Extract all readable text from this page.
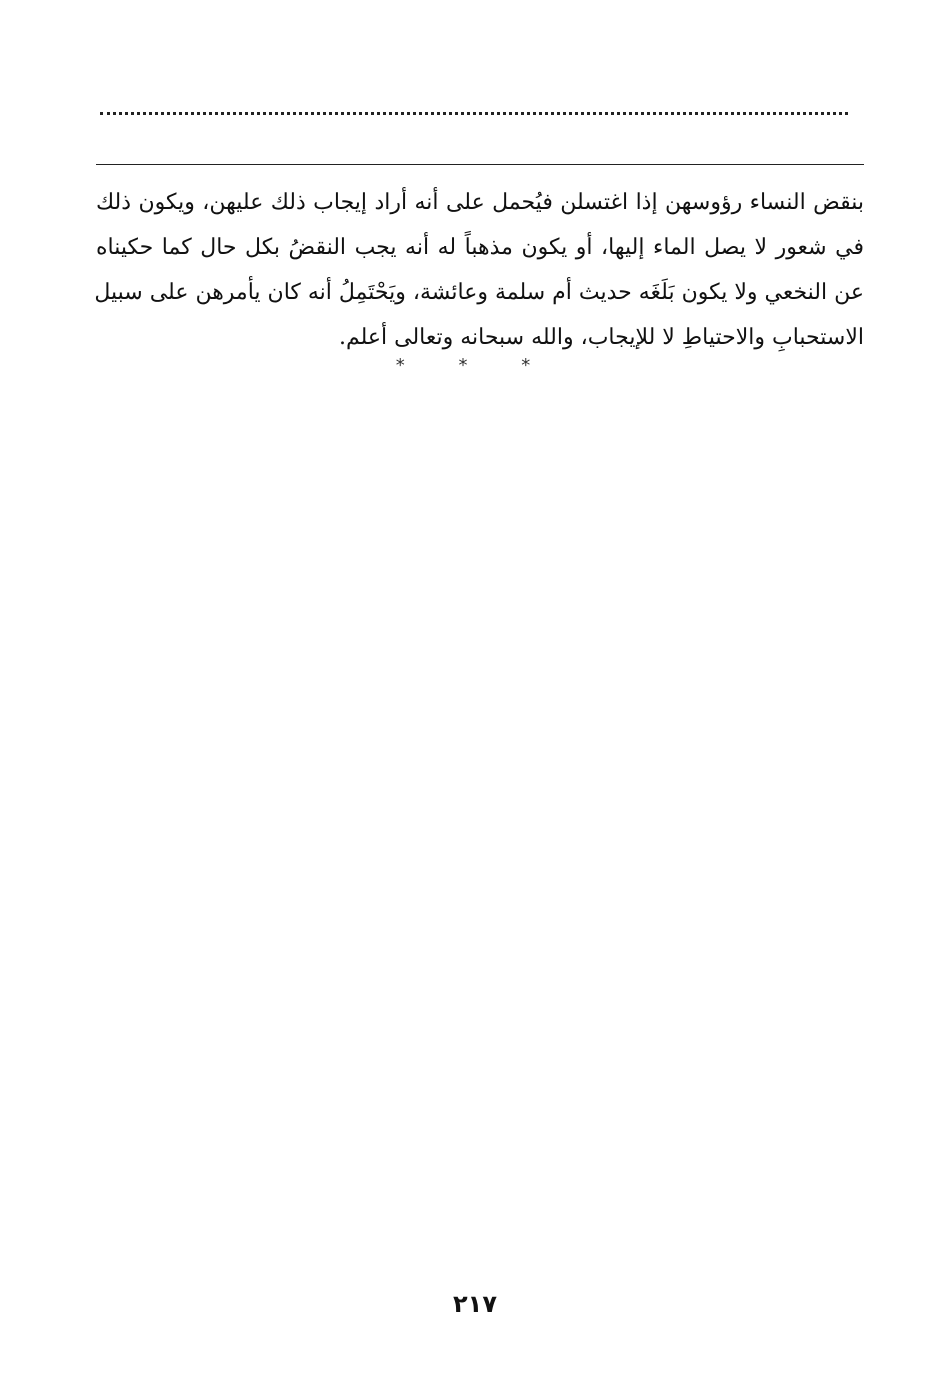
بنقض النساء رؤوسهن إذا اغتسلن فيُحمل على أنه أراد إيجاب ذلك عليهن، ويكون ذلك
في شعور لا يصل الماء إليها، أو يكون مذهباً له أنه يجب النقضُ بكل حال كما حكيناه
عن النخعي ولا يكون بَلَغَه حديث أم سلمة وعائشة، ويَحْتَمِلُ أنه كان يأمرهن على سبيل
الاستحبابِ والاحتياطِ لا للإيجاب، والله سبحانه وتعالى أعلم.
* * *
٢١٧
